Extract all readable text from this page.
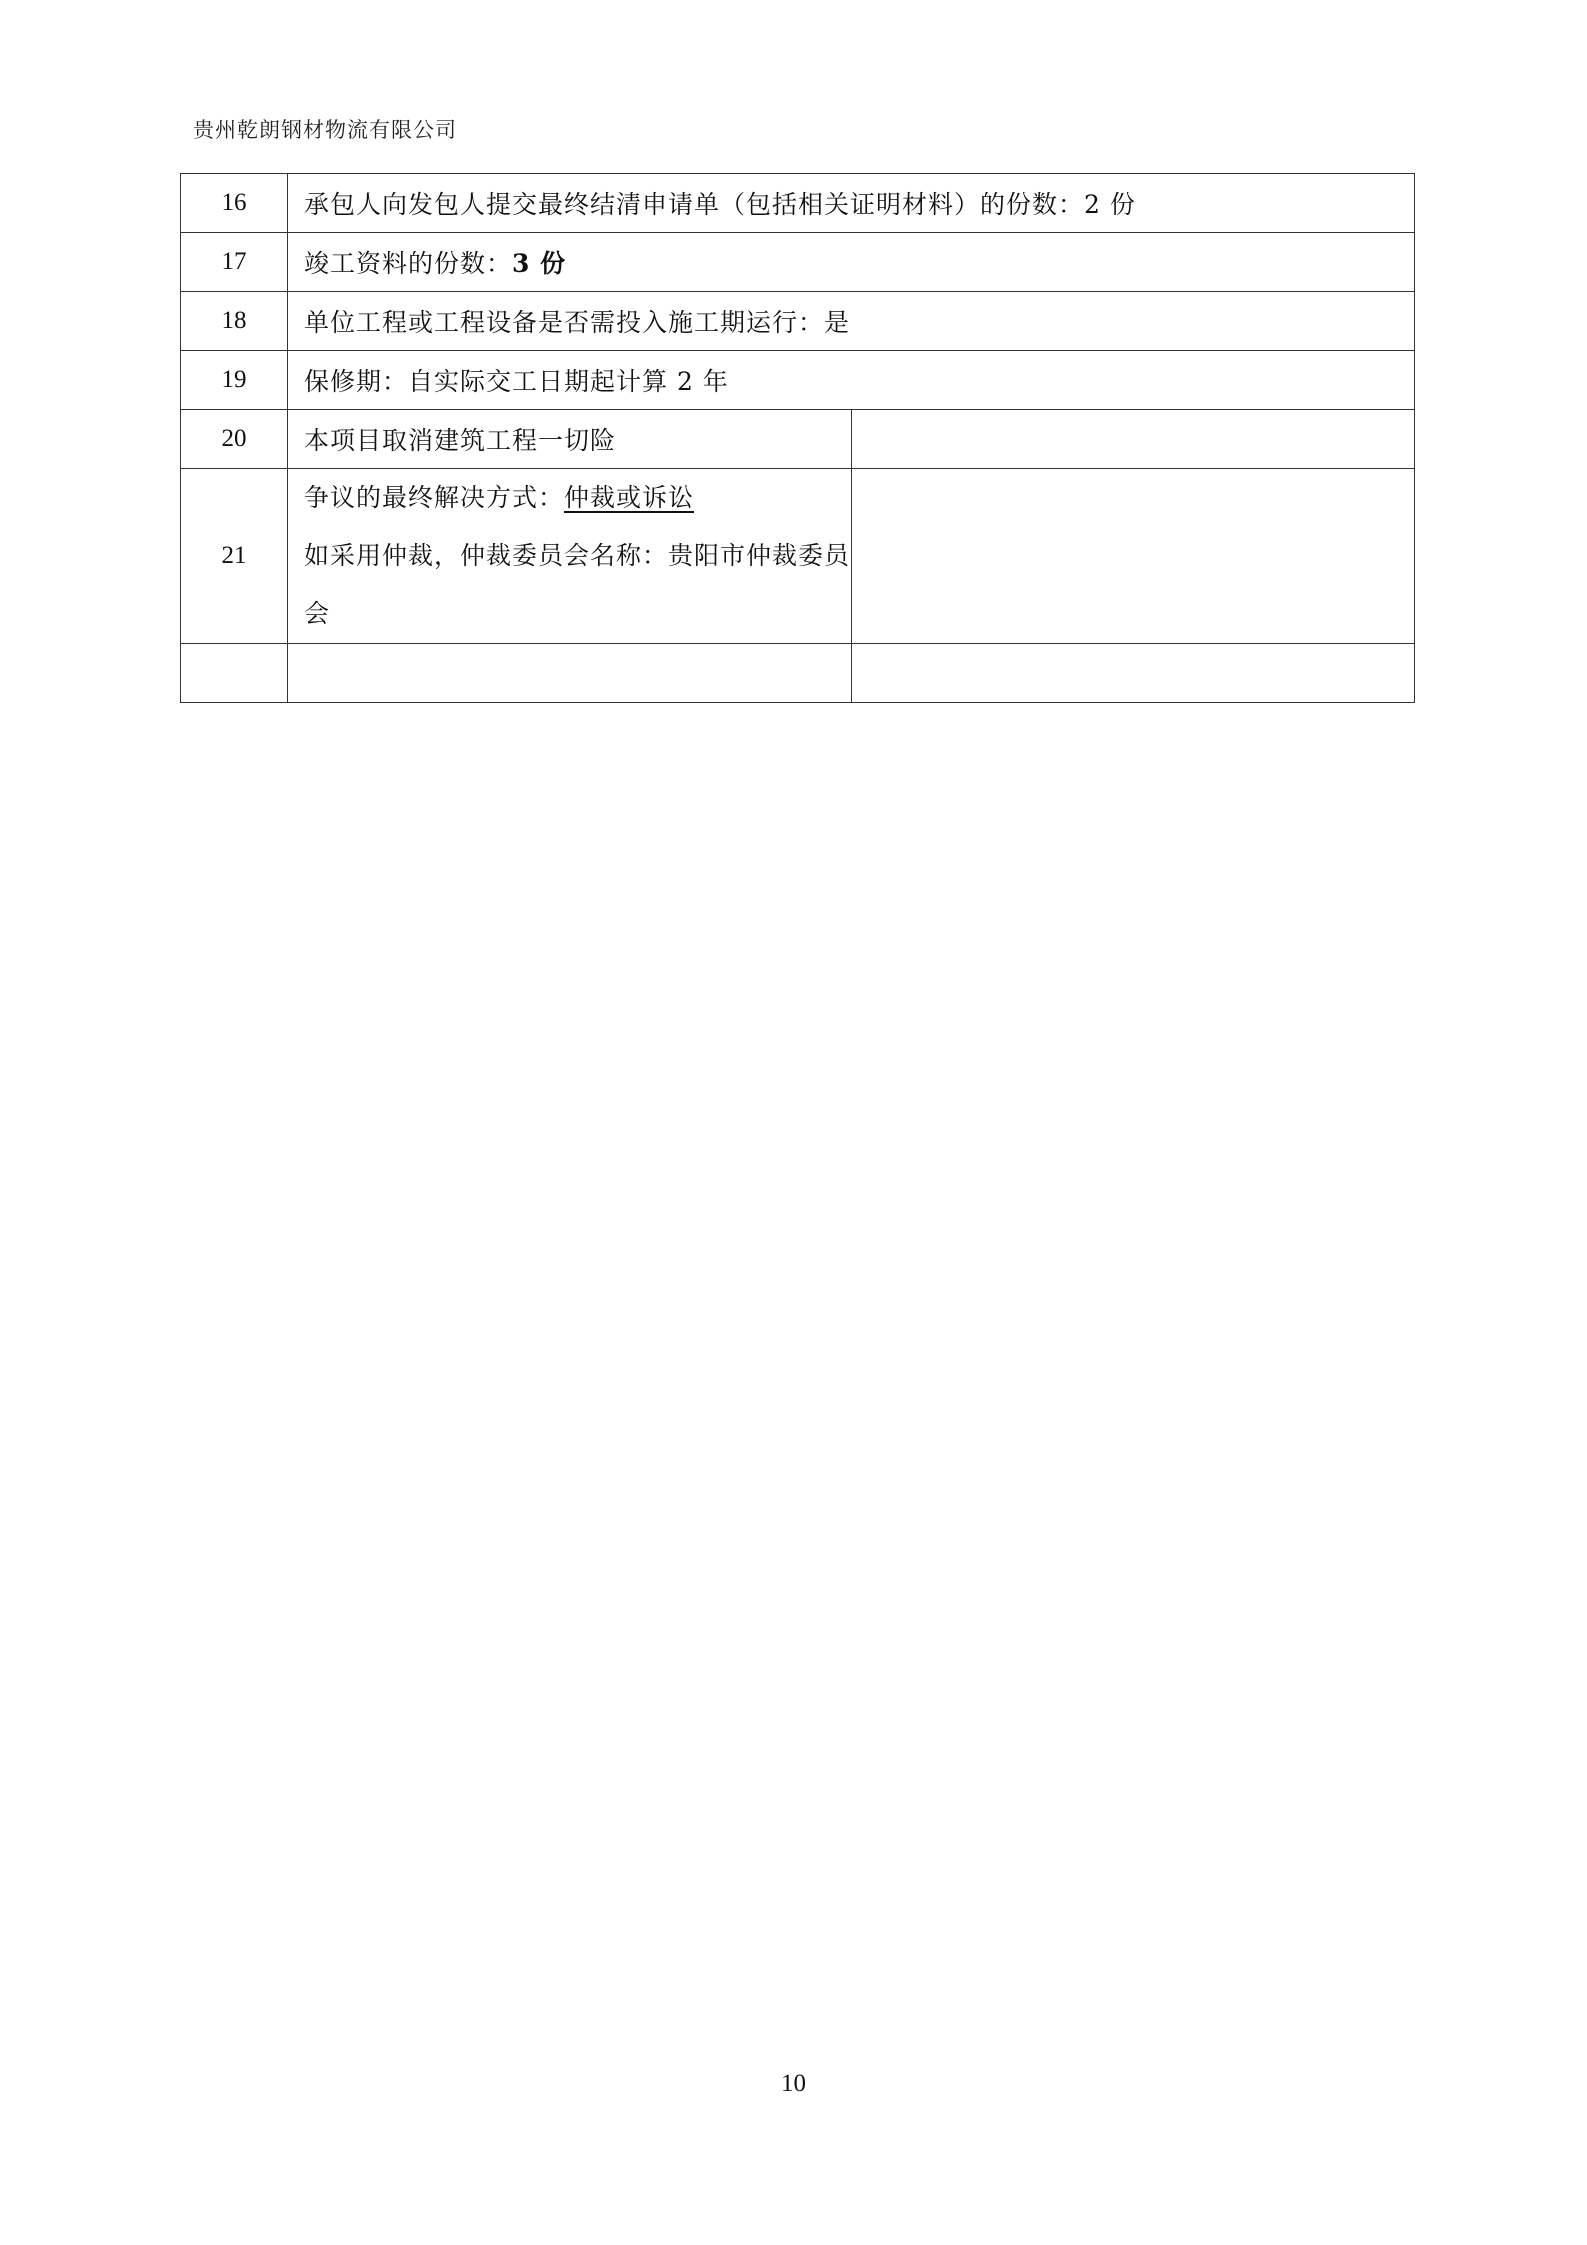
贵州乾朗钢材物流有限公司
16	承包人向发包人提交最终结清申请单（包括相关证明材料）的份数：2 份	
17	竣工资料的份数：3 份	
18	单位工程或工程设备是否需投入施工期运行：是	
19	保修期：自实际交工日期起计算 2 年	
20	本项目取消建筑工程一切险	
21	争议的最终解决方式：仲裁或诉讼
如采用仲裁，仲裁委员会名称：贵阳市仲裁委员会	

10
